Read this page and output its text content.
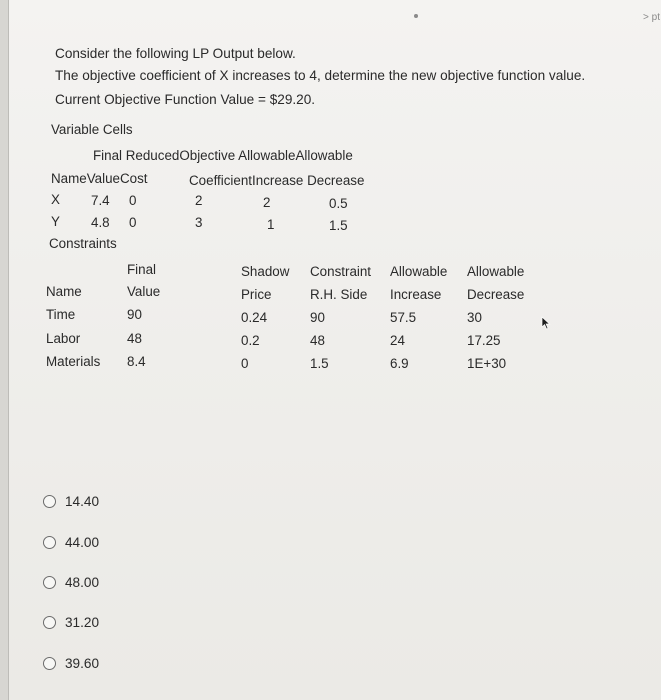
> pt
Consider the following LP Output below.
The objective coefficient of X increases to 4, determine the new objective function value.
Current Objective Function Value = $29.20.
Variable Cells
Final ReducedObjective AllowableAllowable
NameValueCost	CoefficientIncrease Decrease
X 7.4 0	2	2	0.5
Y 4.8 0	3	1	1.5
Constraints
Final	Shadow Constraint Allowable Allowable
Name	Value	Price	R.H. Side Increase Decrease
Time	90	0.24	90	57.5	30
Labor	48	0.2	48	24	17.25
Materials 8.4	0	1.5	6.9	1E+30
14.40
44.00
48.00
31.20
39.60
